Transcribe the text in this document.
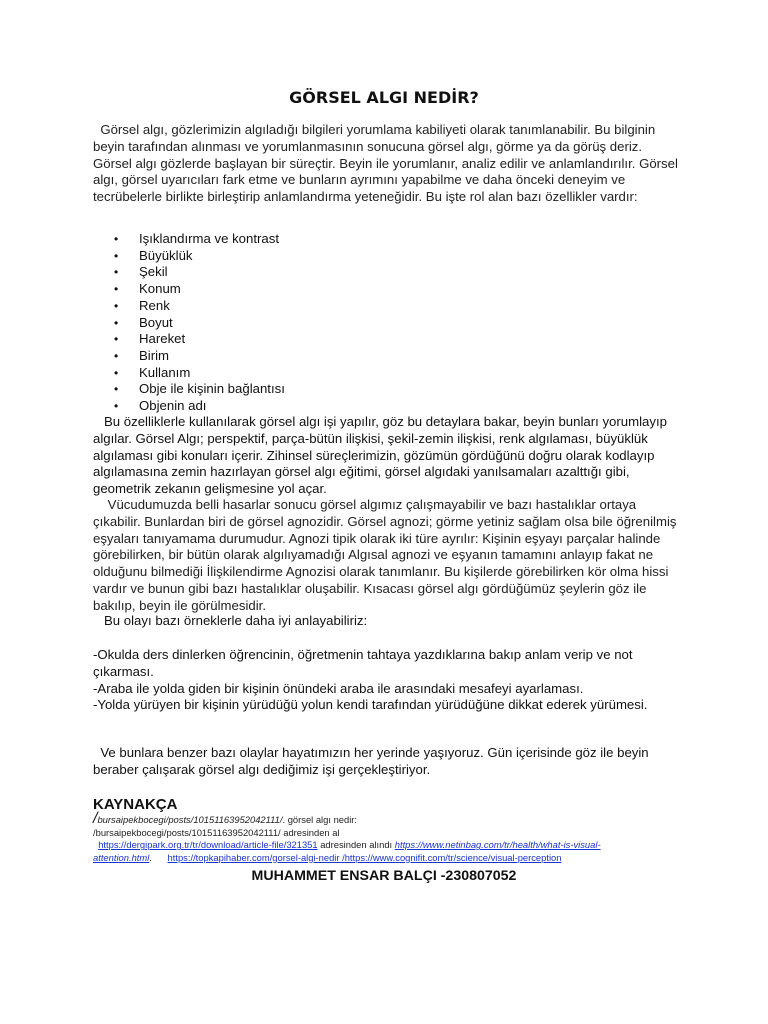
GÖRSEL ALGI NEDİR?
Görsel algı, gözlerimizin algıladığı bilgileri yorumlama kabiliyeti olarak tanımlanabilir. Bu bilginin beyin tarafından alınması ve yorumlanmasının sonucuna görsel algı, görme ya da görüş deriz. Görsel algı gözlerde başlayan bir süreçtir. Beyin ile yorumlanır, analiz edilir ve anlamlandırılır. Görsel algı, görsel uyarıcıları fark etme ve bunların ayrımını yapabilme ve daha önceki deneyim ve tecrübelerle birlikte birleştirip anlamlandırma yeteneğidir. Bu işte rol alan bazı özellikler vardır:
• Işıklandırma ve kontrast
• Büyüklük
• Şekil
• Konum
• Renk
• Boyut
• Hareket
• Birim
• Kullanım
• Obje ile kişinin bağlantısı
• Objenin adı
Bu özelliklerle kullanılarak görsel algı işi yapılır, göz bu detaylara bakar, beyin bunları yorumlayıp algılar. Görsel Algı; perspektif, parça-bütün ilişkisi, şekil-zemin ilişkisi, renk algılaması, büyüklük algılaması gibi konuları içerir. Zihinsel süreçlerimizin, gözümün gördüğünü doğru olarak kodlayıp algılamasına zemin hazırlayan görsel algı eğitimi, görsel algıdaki yanılsamaları azalttığı gibi, geometrik zekanın gelişmesine yol açar.
Vücudumuzda belli hasarlar sonucu görsel algımız çalışmayabilir ve bazı hastalıklar ortaya çıkabilir. Bunlardan biri de görsel agnozidir. Görsel agnozi; görme yetiniz sağlam olsa bile öğrenilmiş eşyaları tanıyamama durumudur. Agnozi tipik olarak iki türe ayrılır: Kişinin eşyayı parçalar halinde görebilirken, bir bütün olarak algılıyamadığı Algısal agnozi ve eşyanın tamamını anlayıp fakat ne olduğunu bilmediği İlişkilendirme Agnozisi olarak tanımlanır. Bu kişilerde görebilirken kör olma hissi vardır ve bunun gibi bazı hastalıklar oluşabilir. Kısacası görsel algı gördüğümüz şeylerin göz ile bakılıp, beyin ile görülmesidir.
Bu olayı bazı örneklerle daha iyi anlayabiliriz:
-Okulda ders dinlerken öğrencinin, öğretmenin tahtaya yazdıklarına bakıp anlam verip ve not çıkarması.
-Araba ile yolda giden bir kişinin önündeki araba ile arasındaki mesafeyi ayarlaması.
-Yolda yürüyen bir kişinin yürüdüğü yolun kendi tarafından yürüdüğüne dikkat ederek yürümesi.
Ve bunlara benzer bazı olaylar hayatımızın her yerinde yaşıyoruz. Gün içerisinde göz ile beyin beraber çalışarak görsel algı dediğimiz işi gerçekleştiriyor.
KAYNAKÇA
/bursaipekbocegi/posts/10151163952042111/. görsel algı nedir:
/bursaipekbocegi/posts/10151163952042111/ adresinden al
https://dergipark.org.tr/tr/download/article-file/321351 adresinden alındı https://www.netinbag.com/tr/health/what-is-visual-attention.html. https://topkapihaber.com/gorsel-algi-nedir /https://www.cognifit.com/tr/science/visual-perception
MUHAMMET ENSAR BALÇI -230807052
